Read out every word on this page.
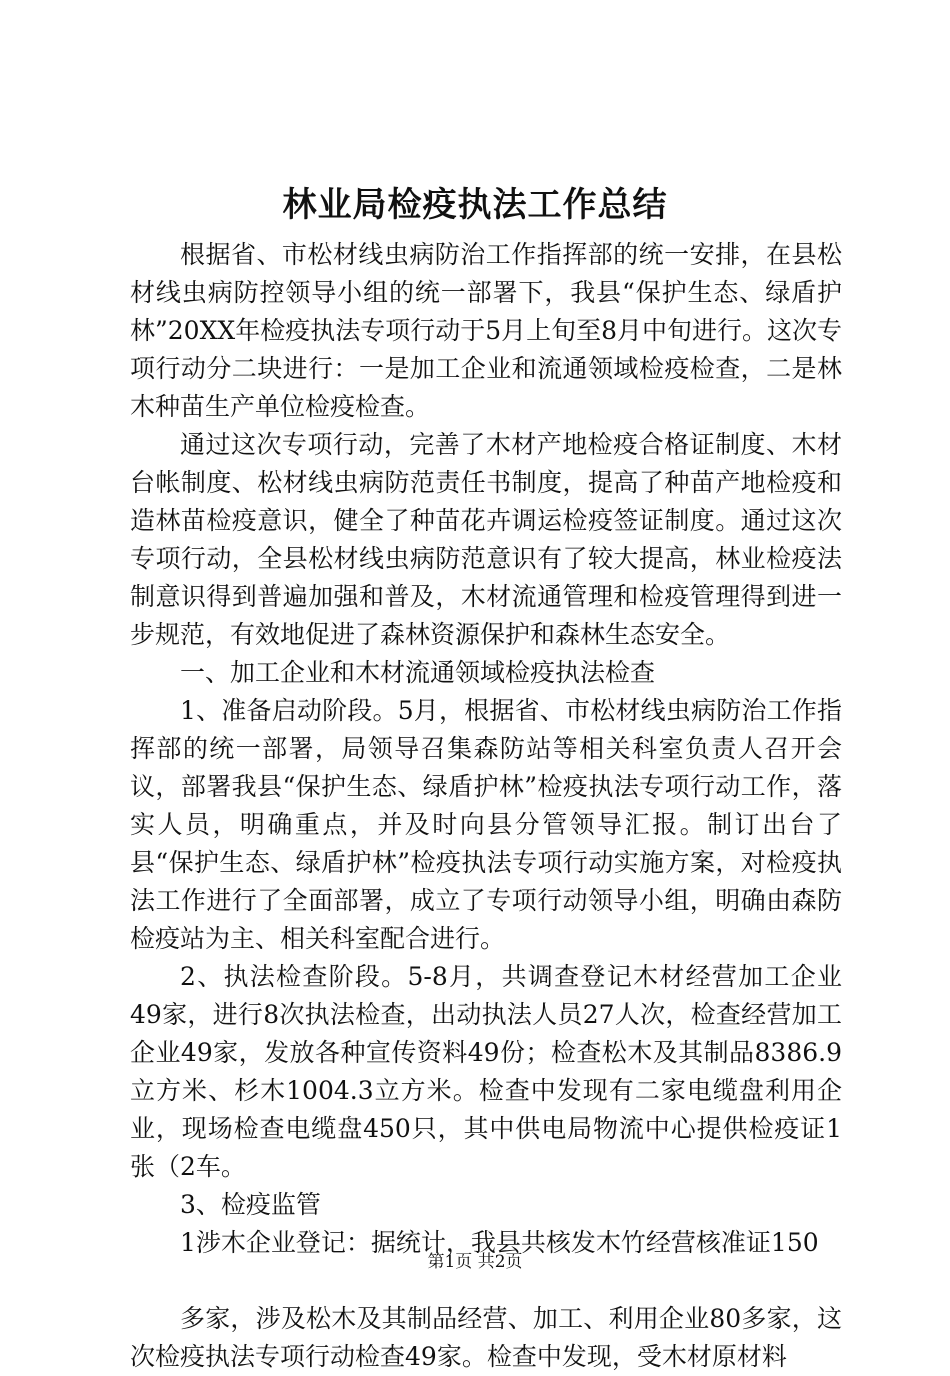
林业局检疫执法工作总结

根据省、市松材线虫病防治工作指挥部的统一安排，在县松材线虫病防控领导小组的统一部署下，我县“保护生态、绿盾护林”20XX年检疫执法专项行动于5月上旬至8月中旬进行。这次专项行动分二块进行：一是加工企业和流通领域检疫检查，二是林木种苗生产单位检疫检查。

通过这次专项行动，完善了木材产地检疫合格证制度、木材台帐制度、松材线虫病防范责任书制度，提高了种苗产地检疫和造林苗检疫意识，健全了种苗花卉调运检疫签证制度。通过这次专项行动，全县松材线虫病防范意识有了较大提高，林业检疫法制意识得到普遍加强和普及，木材流通管理和检疫管理得到进一步规范，有效地促进了森林资源保护和森林生态安全。

一、加工企业和木材流通领域检疫执法检查

1、准备启动阶段。5月，根据省、市松材线虫病防治工作指挥部的统一部署，局领导召集森防站等相关科室负责人召开会议，部署我县“保护生态、绿盾护林”检疫执法专项行动工作，落实人员，明确重点，并及时向县分管领导汇报。制订出台了县“保护生态、绿盾护林”检疫执法专项行动实施方案，对检疫执法工作进行了全面部署，成立了专项行动领导小组，明确由森防检疫站为主、相关科室配合进行。

2、执法检查阶段。5-8月，共调查登记木材经营加工企业49家，进行8次执法检查，出动执法人员27人次，检查经营加工企业49家，发放各种宣传资料49份；检查松木及其制品8386.9立方米、杉木1004.3立方米。检查中发现有二家电缆盘利用企业，现场检查电缆盘450只，其中供电局物流中心提供检疫证1张（2车。

3、检疫监管

1涉木企业登记：据统计，我县共核发木竹经营核准证150

多家，涉及松木及其制品经营、加工、利用企业80多家，这次检疫执法专项行动检查49家。检查中发现，受木材原材料

第1页 共2页
